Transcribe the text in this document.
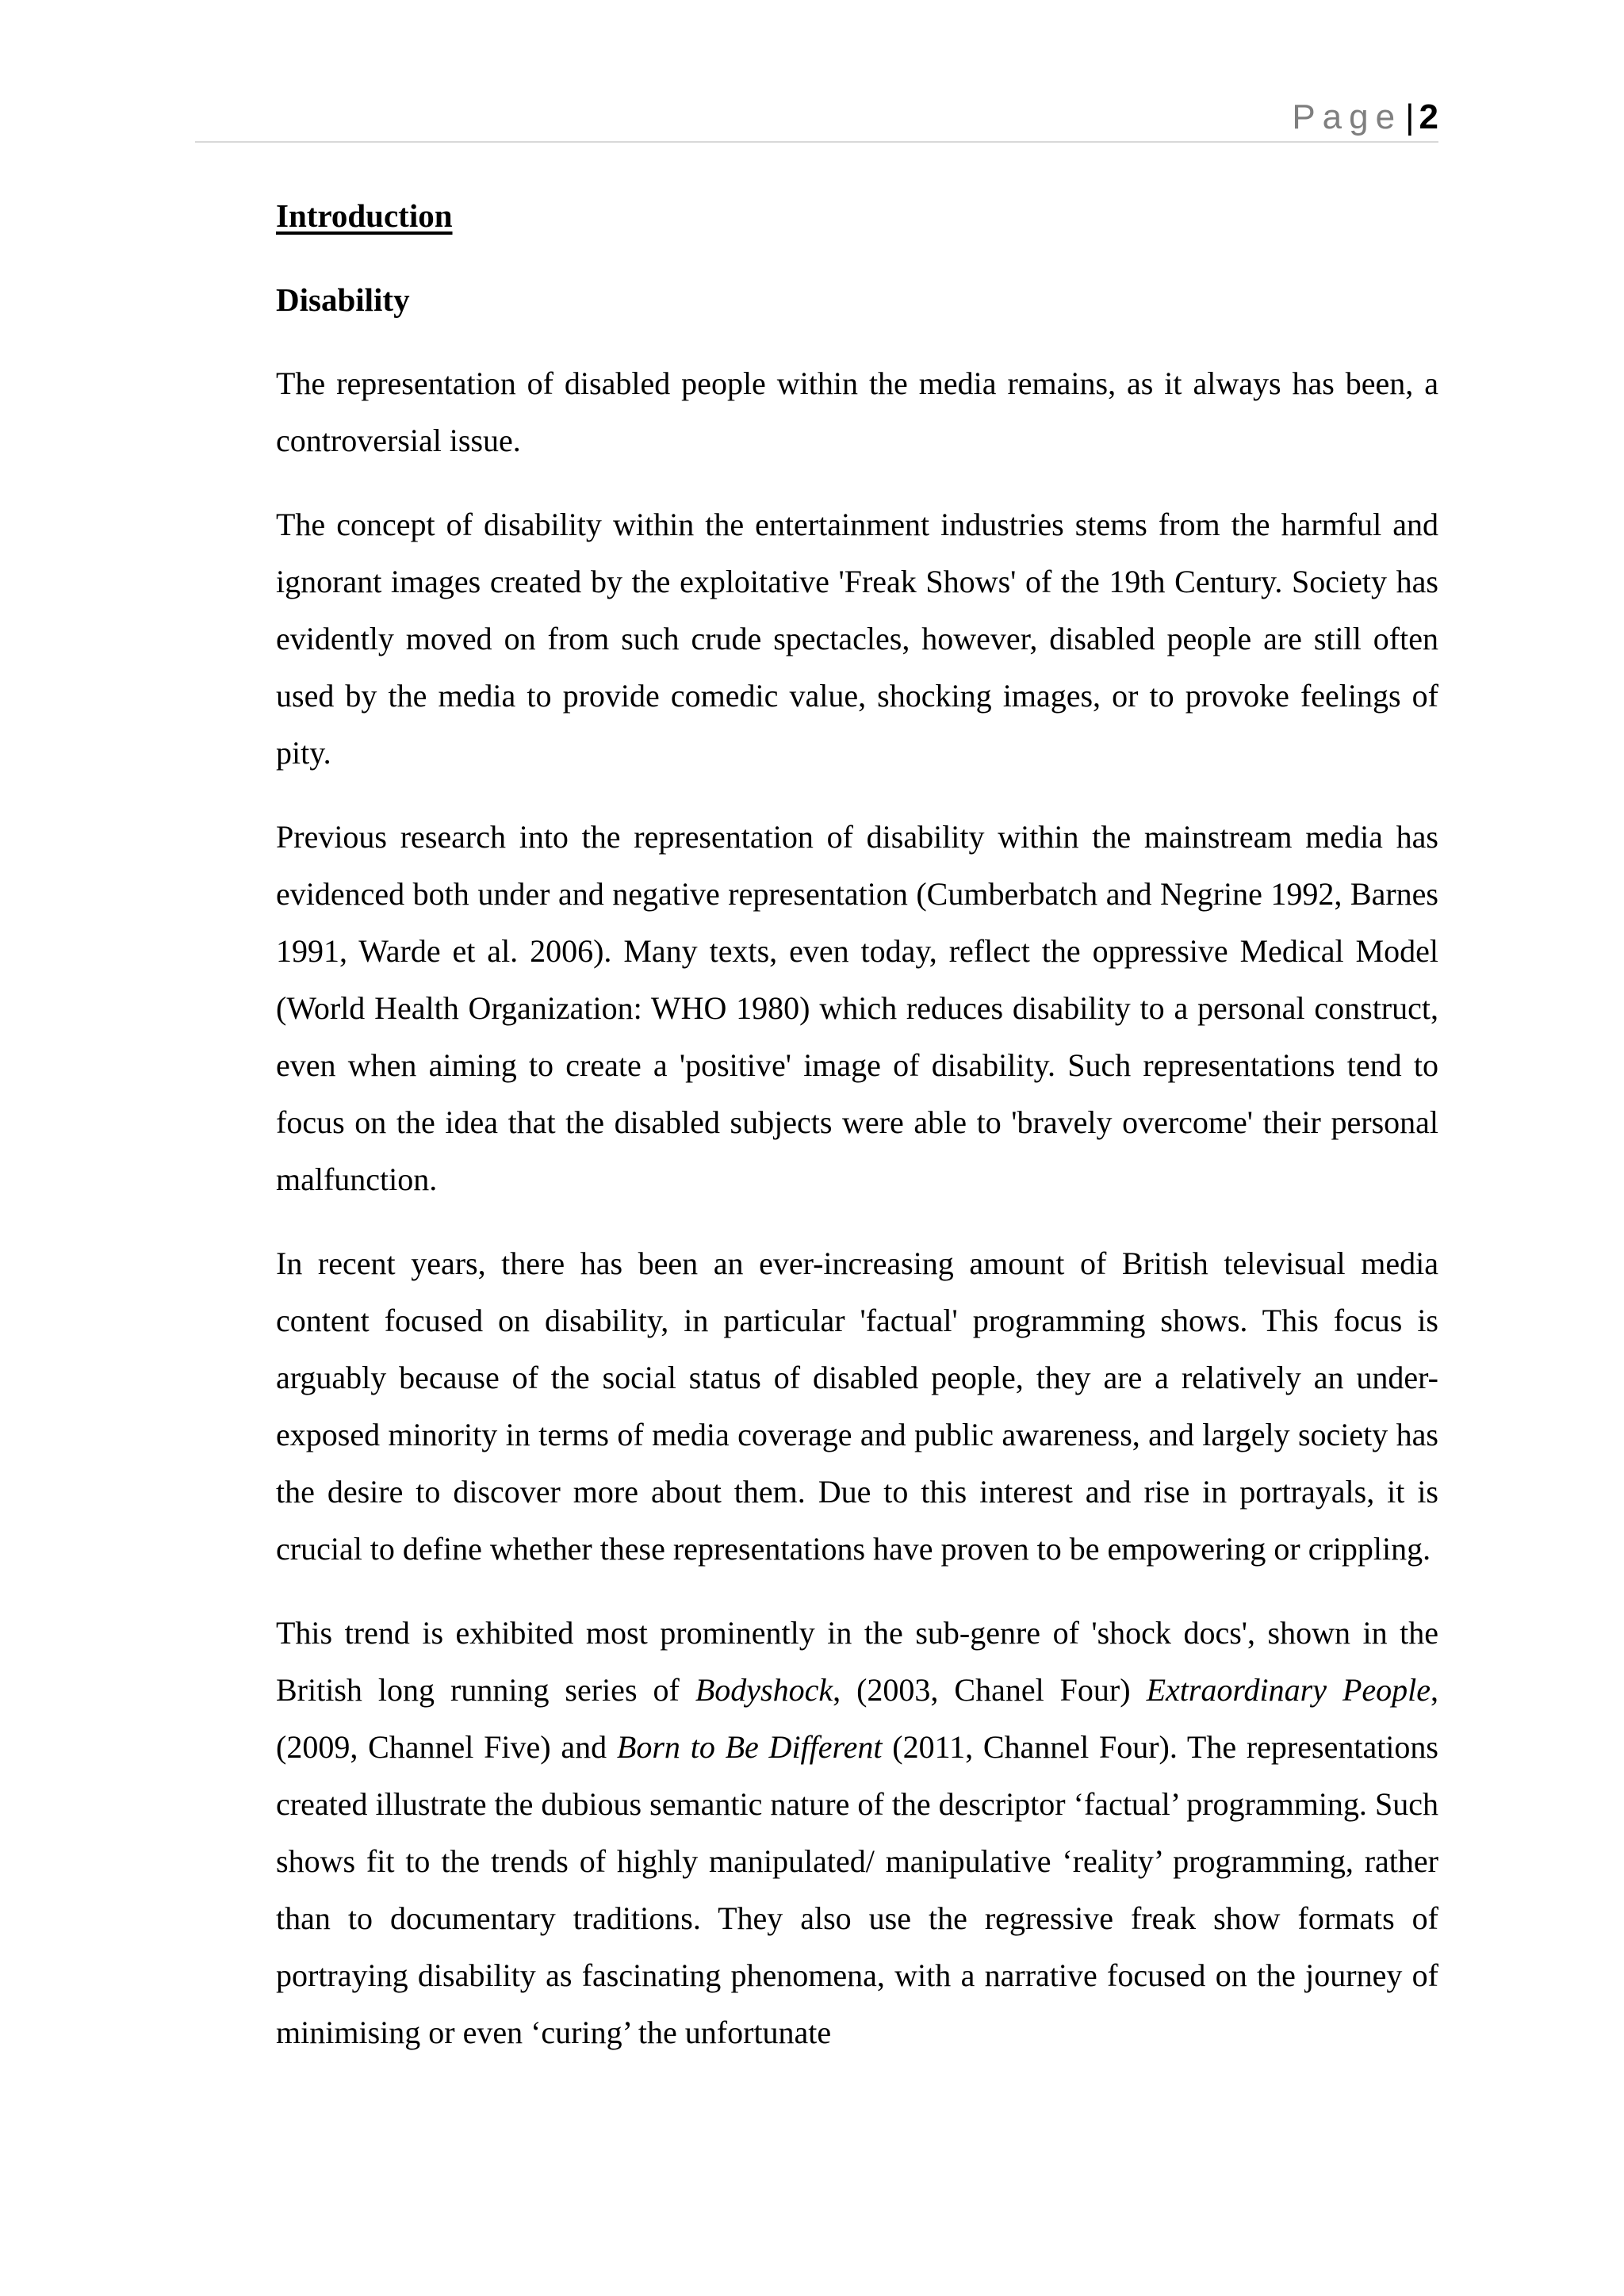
Page| 2
Introduction
Disability

The representation of disabled people within the media remains, as it always has been, a controversial issue.

The concept of disability within the entertainment industries stems from the harmful and ignorant images created by the exploitative 'Freak Shows' of the 19th Century. Society has evidently moved on from such crude spectacles, however, disabled people are still often used by the media to provide comedic value, shocking images, or to provoke feelings of pity.

Previous research into the representation of disability within the mainstream media has evidenced both under and negative representation (Cumberbatch and Negrine 1992, Barnes 1991, Warde et al. 2006). Many texts, even today, reflect the oppressive Medical Model (World Health Organization: WHO 1980) which reduces disability to a personal construct, even when aiming to create a 'positive' image of disability. Such representations tend to focus on the idea that the disabled subjects were able to 'bravely overcome' their personal malfunction.

In recent years, there has been an ever-increasing amount of British televisual media content focused on disability, in particular 'factual' programming shows. This focus is arguably because of the social status of disabled people, they are a relatively an under-exposed minority in terms of media coverage and public awareness, and largely society has the desire to discover more about them. Due to this interest and rise in portrayals, it is crucial to define whether these representations have proven to be empowering or crippling.

This trend is exhibited most prominently in the sub-genre of 'shock docs', shown in the British long running series of Bodyshock, (2003, Chanel Four) Extraordinary People, (2009, Channel Five) and Born to Be Different (2011, Channel Four). The representations created illustrate the dubious semantic nature of the descriptor ‘factual’ programming. Such shows fit to the trends of highly manipulated/ manipulative ‘reality’ programming, rather than to documentary traditions. They also use the regressive freak show formats of portraying disability as fascinating phenomena, with a narrative focused on the journey of minimising or even ‘curing’ the unfortunate
